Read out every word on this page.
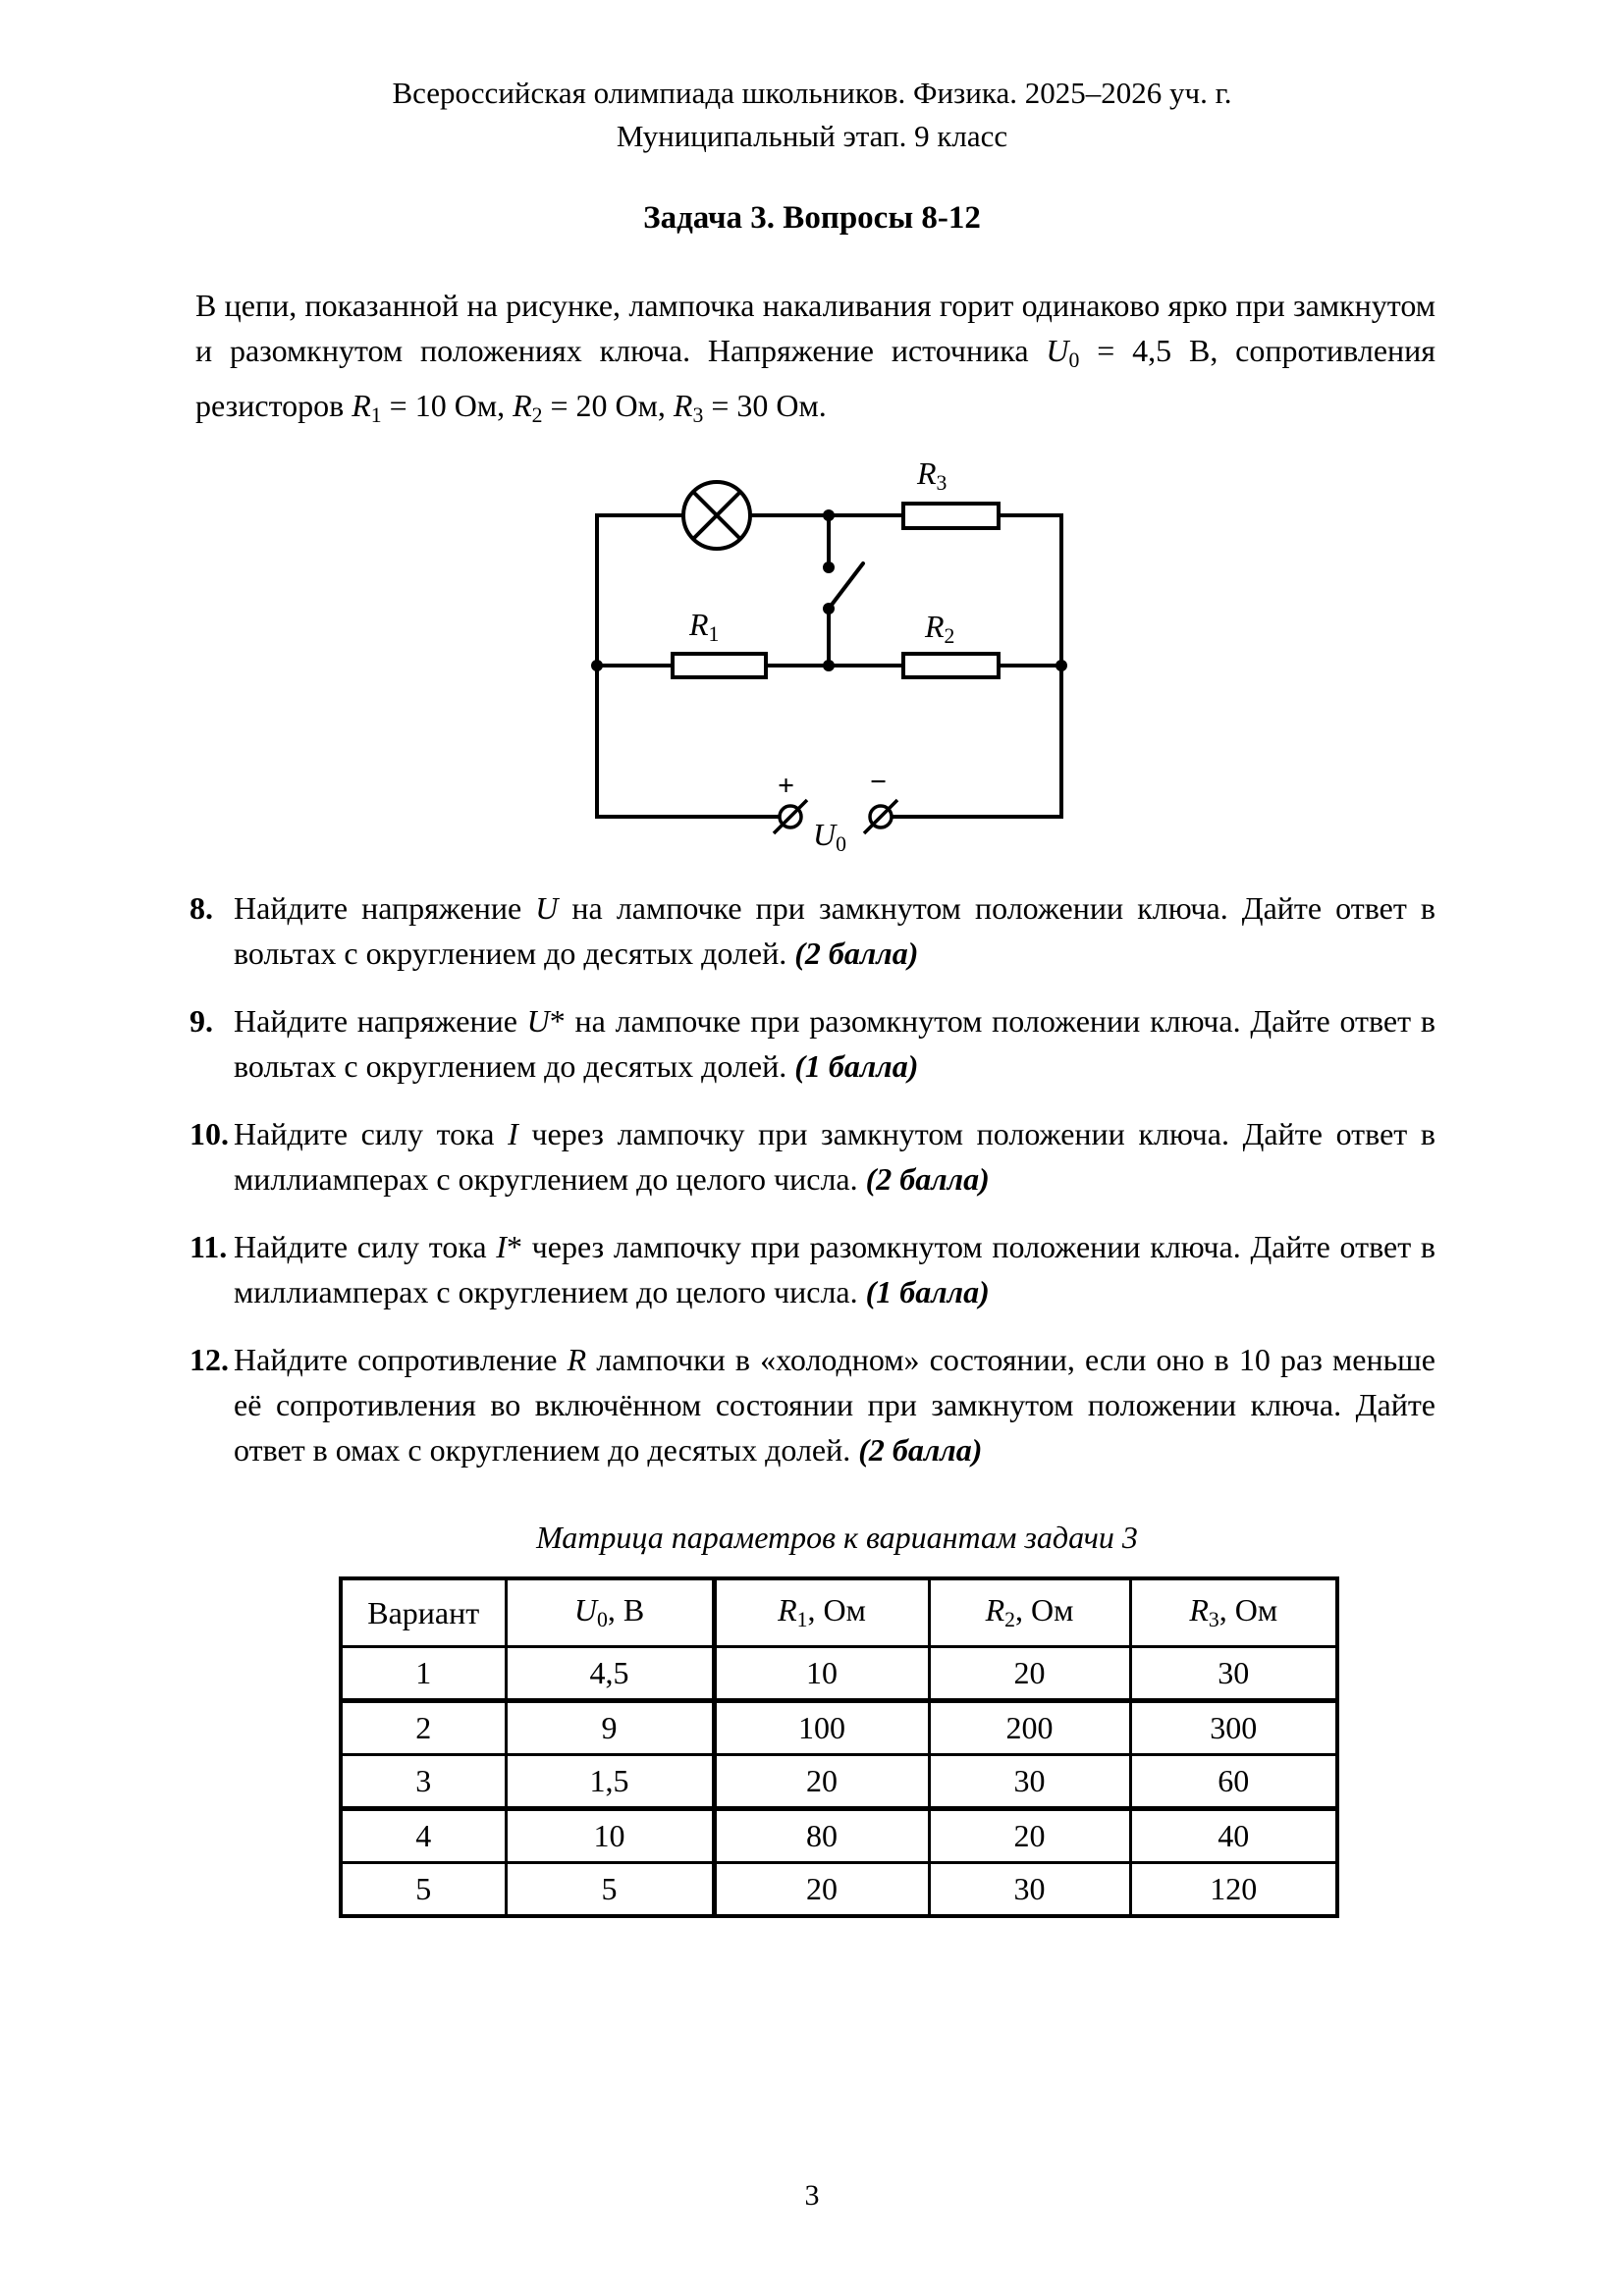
Всероссийская олимпиада школьников. Физика. 2025–2026 уч. г.
Муниципальный этап. 9 класс
Задача 3. Вопросы 8-12
В цепи, показанной на рисунке, лампочка накаливания горит одинаково ярко при замкнутом и разомкнутом положениях ключа. Напряжение источника $U_0 = 4,5$ В, сопротивления резисторов $R_1 = 10$ Ом, $R_2 = 20$ Ом, $R_3 = 30$ Ом.
$R_3$
$R_1$	$R_2$
+	−
$U_0$
8. Найдите напряжение U на лампочке при замкнутом положении ключа. Дайте ответ в вольтах с округлением до десятых долей. (2 балла)
9. Найдите напряжение U* на лампочке при разомкнутом положении ключа. Дайте ответ в вольтах с округлением до десятых долей. (1 балла)
10. Найдите силу тока I через лампочку при замкнутом положении ключа. Дайте ответ в миллиамперах с округлением до целого числа. (2 балла)
11. Найдите силу тока I* через лампочку при разомкнутом положении ключа. Дайте ответ в миллиамперах с округлением до целого числа. (1 балла)
12. Найдите сопротивление R лампочки в «холодном» состоянии, если оно в 10 раз меньше её сопротивления во включённом состоянии при замкнутом положении ключа. Дайте ответ в омах с округлением до десятых долей. (2 балла)
Матрица параметров к вариантам задачи 3
Вариант	$U_0$, В	$R_1$, Ом	$R_2$, Ом	$R_3$, Ом
1	4,5	10	20	30
2	9	100	200	300
3	1,5	20	30	60
4	10	80	20	40
5	5	20	30	120
3
